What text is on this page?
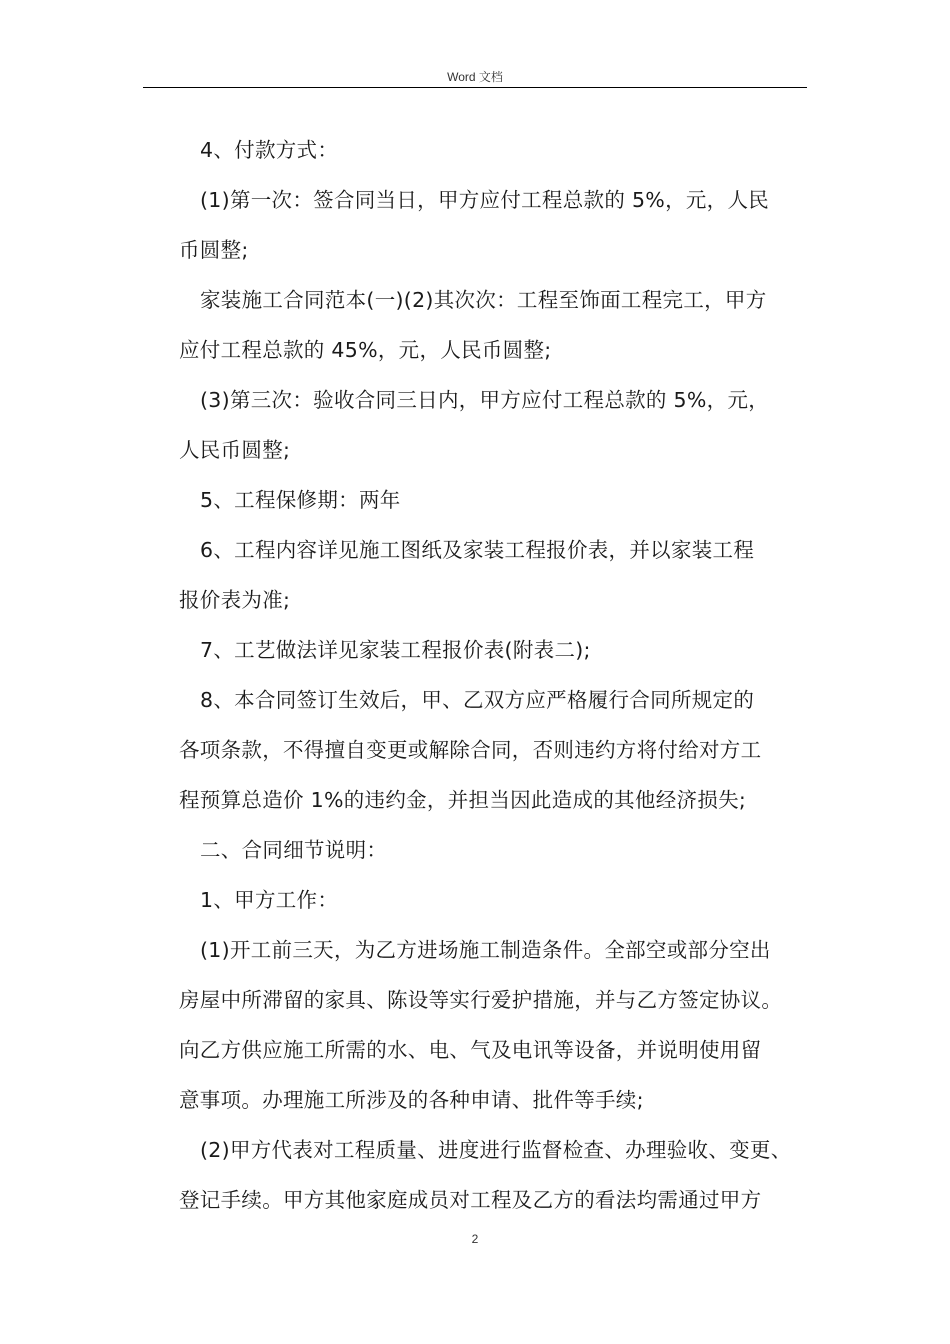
Word 文档
4、付款方式：
(1)第一次：签合同当日，甲方应付工程总款的 5%，元，人民
币圆整;
家装施工合同范本(一)(2)其次次：工程至饰面工程完工，甲方
应付工程总款的 45%，元，人民币圆整;
(3)第三次：验收合同三日内，甲方应付工程总款的 5%，元，
人民币圆整;
5、工程保修期：两年
6、工程内容详见施工图纸及家装工程报价表，并以家装工程
报价表为准;
7、工艺做法详见家装工程报价表(附表二);
8、本合同签订生效后，甲、乙双方应严格履行合同所规定的
各项条款，不得擅自变更或解除合同，否则违约方将付给对方工
程预算总造价 1%的违约金，并担当因此造成的其他经济损失;
二、合同细节说明：
1、甲方工作：
(1)开工前三天，为乙方进场施工制造条件。全部空或部分空出
房屋中所滞留的家具、陈设等实行爱护措施，并与乙方签定协议。
向乙方供应施工所需的水、电、气及电讯等设备，并说明使用留
意事项。办理施工所涉及的各种申请、批件等手续;
(2)甲方代表对工程质量、进度进行监督检查、办理验收、变更、
登记手续。甲方其他家庭成员对工程及乙方的看法均需通过甲方
2
